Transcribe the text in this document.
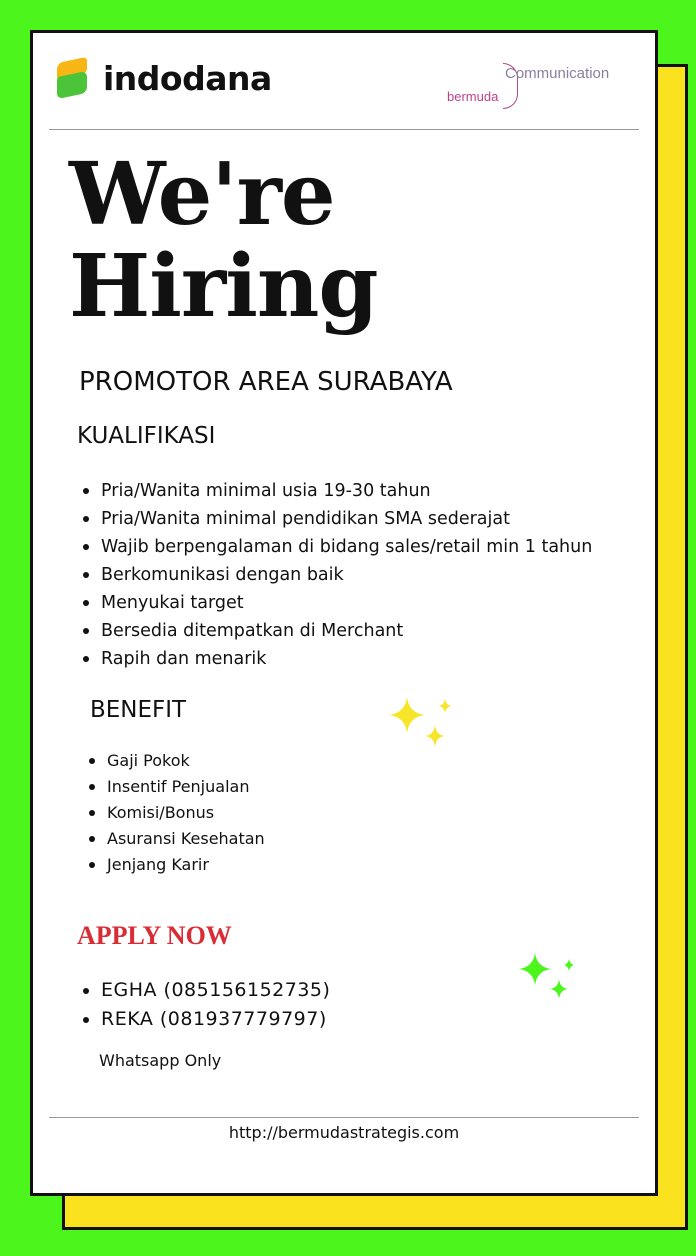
indodana	Communication
bermuda
We're
Hiring
PROMOTOR AREA SURABAYA
KUALIFIKASI
Pria/Wanita minimal usia 19-30 tahun
Pria/Wanita minimal pendidikan SMA sederajat
Wajib berpengalaman di bidang sales/retail min 1 tahun
Berkomunikasi dengan baik
Menyukai target
Bersedia ditempatkan di Merchant
Rapih dan menarik
BENEFIT
Gaji Pokok
Insentif Penjualan
Komisi/Bonus
Asuransi Kesehatan
Jenjang Karir
APPLY NOW
EGHA (085156152735)
REKA (081937779797)
Whatsapp Only
http://bermudastrategis.com
